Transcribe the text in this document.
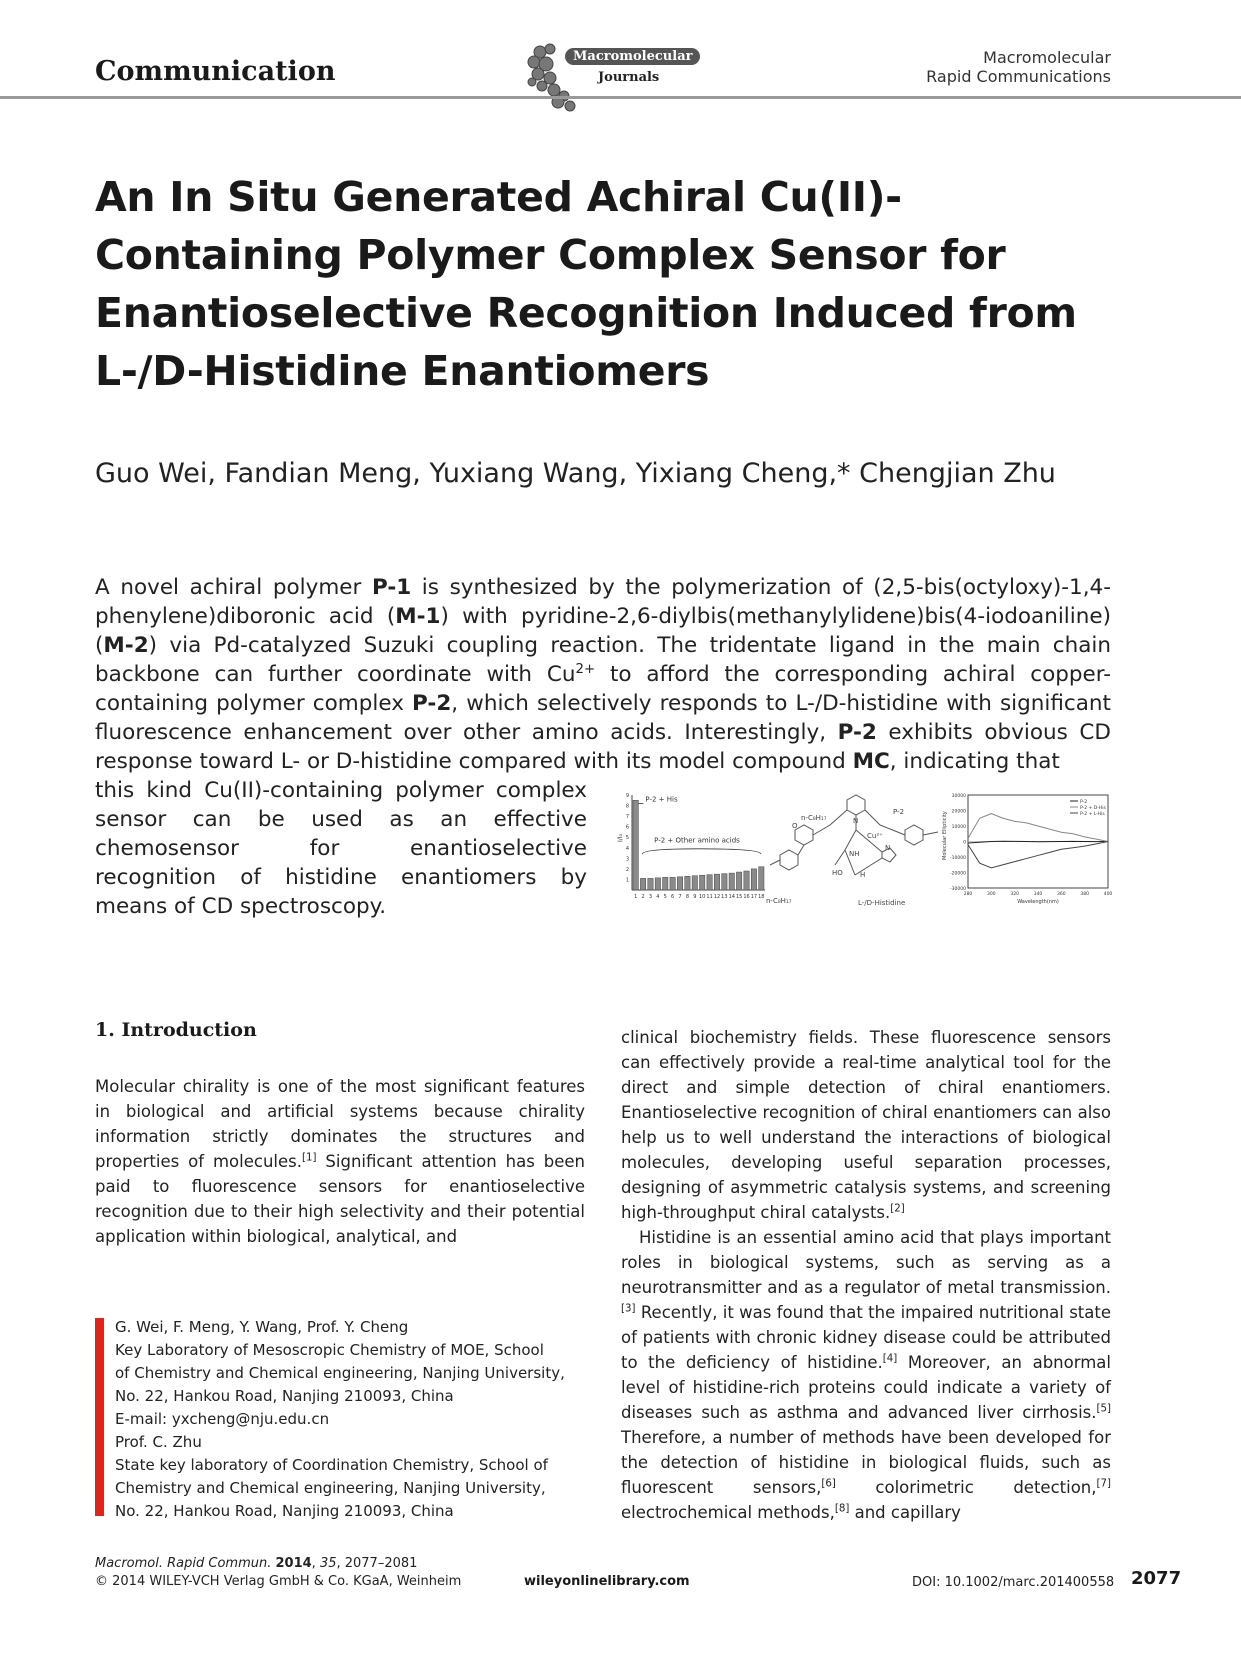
Communication	Macromolecular
Journals
Macromolecular
Rapid Communications
An In Situ Generated Achiral Cu(II)-Containing Polymer Complex Sensor for Enantioselective Recognition Induced from L-/D-Histidine Enantiomers
Guo Wei, Fandian Meng, Yuxiang Wang, Yixiang Cheng,* Chengjian Zhu
A novel achiral polymer P-1 is synthesized by the polymerization of (2,5-bis(octyloxy)-1,4-phenylene)diboronic acid (M-1) with pyridine-2,6-diylbis(methanylylidene)bis(4-iodoaniline) (M-2) via Pd-catalyzed Suzuki coupling reaction. The tridentate ligand in the main chain backbone can further coordinate with $Cu^{2+}$ to afford the corresponding achiral copper-containing polymer complex P-2, which selectively responds to L-/D-histidine with significant fluorescence enhancement over other amino acids. Interestingly, P-2 exhibits obvious CD response toward L- or D-histidine compared with its model compound MC, indicating that
this kind Cu(II)-containing polymer complex sensor can be used as an effective chemosensor for enantioselective recognition of histidine enantiomers by means of CD spectroscopy.	1 2 3 4 5 6 7 8 9 10 11 12 13 14 15 16 17 18
1
2
3
4
5
6
7
8
9
I/I₀
P-2 + His
P-2 + Other amino acids
n-C₈H₁₇
O
n-C₈H₁₇
P-2
N
Cu²⁺
NH
N
HO H
L-/D-Histidine
30000
20000
10000
0
-10000
-20000
-30000
280	300	320	340	360	380	400
Wavelength(nm)
Molecular Ellipticity
P-2
P-2 + D-His
P-2 + L-His
1. Introduction

Molecular chirality is one of the most significant features in biological and artificial systems because chirality information strictly dominates the structures and properties of molecules.[1] Significant attention has been paid to fluorescence sensors for enantioselective recognition due to their high selectivity and their potential application within biological, analytical, and

clinical biochemistry fields. These fluorescence sensors can effectively provide a real-time analytical tool for the direct and simple detection of chiral enantiomers. Enantioselective recognition of chiral enantiomers can also help us to well understand the interactions of biological molecules, developing useful separation processes, designing of asymmetric catalysis systems, and screening high-throughput chiral catalysts.[2]

Histidine is an essential amino acid that plays important roles in biological systems, such as serving as a neurotransmitter and as a regulator of metal transmission.[3] Recently, it was found that the impaired nutritional state of patients with chronic kidney disease could be attributed to the deficiency of histidine.[4] Moreover, an abnormal level of histidine-rich proteins could indicate a variety of diseases such as asthma and advanced liver cirrhosis.[5] Therefore, a number of methods have been developed for the detection of histidine in biological fluids, such as fluorescent sensors,[6] colorimetric detection,[7] electrochemical methods,[8] and capillary

G. Wei, F. Meng, Y. Wang, Prof. Y. Cheng
Key Laboratory of Mesoscropic Chemistry of MOE, School
of Chemistry and Chemical engineering, Nanjing University,
No. 22, Hankou Road, Nanjing 210093, China
E-mail: yxcheng@nju.edu.cn
Prof. C. Zhu
State key laboratory of Coordination Chemistry, School of
Chemistry and Chemical engineering, Nanjing University,
No. 22, Hankou Road, Nanjing 210093, China
Macromol. Rapid Commun. 2014, 35, 2077–2081
© 2014 WILEY-VCH Verlag GmbH & Co. KGaA, Weinheim	wileyonlinelibrary.com	DOI: 10.1002/marc.201400558 2077
